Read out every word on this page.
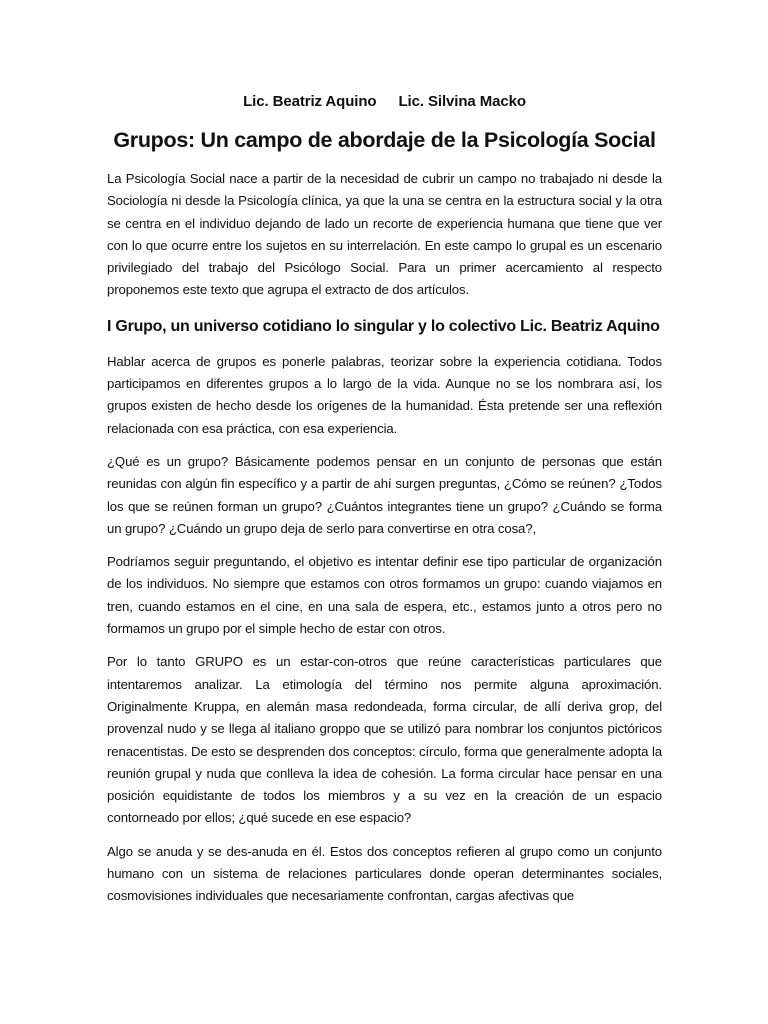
Lic. Beatriz Aquino Lic. Silvina Macko
Grupos: Un campo de abordaje de la Psicología Social

La Psicología Social nace a partir de la necesidad de cubrir un campo no trabajado ni desde la Sociología ni desde la Psicología clínica, ya que la una se centra en la estructura social y la otra se centra en el individuo dejando de lado un recorte de experiencia humana que tiene que ver con lo que ocurre entre los sujetos en su interrelación. En este campo lo grupal es un escenario privilegiado del trabajo del Psicólogo Social. Para un primer acercamiento al respecto proponemos este texto que agrupa el extracto de dos artículos.

I Grupo, un universo cotidiano lo singular y lo colectivo Lic. Beatriz Aquino

Hablar acerca de grupos es ponerle palabras, teorizar sobre la experiencia cotidiana. Todos participamos en diferentes grupos a lo largo de la vida. Aunque no se los nombrara así, los grupos existen de hecho desde los orígenes de la humanidad. Ésta pretende ser una reflexión relacionada con esa práctica, con esa experiencia.

¿Qué es un grupo? Básicamente podemos pensar en un conjunto de personas que están reunidas con algún fin específico y a partir de ahí surgen preguntas, ¿Cómo se reúnen? ¿Todos los que se reúnen forman un grupo? ¿Cuántos integrantes tiene un grupo? ¿Cuándo se forma un grupo? ¿Cuándo un grupo deja de serlo para convertirse en otra cosa?,

Podríamos seguir preguntando, el objetivo es intentar definir ese tipo particular de organización de los individuos. No siempre que estamos con otros formamos un grupo: cuando viajamos en tren, cuando estamos en el cine, en una sala de espera, etc., estamos junto a otros pero no formamos un grupo por el simple hecho de estar con otros.

Por lo tanto GRUPO es un estar-con-otros que reúne características particulares que intentaremos analizar. La etimología del término nos permite alguna aproximación. Originalmente Kruppa, en alemán masa redondeada, forma circular, de allí deriva grop, del provenzal nudo y se llega al italiano groppo que se utilizó para nombrar los conjuntos pictóricos renacentistas. De esto se desprenden dos conceptos: círculo, forma que generalmente adopta la reunión grupal y nuda que conlleva la idea de cohesión. La forma circular hace pensar en una posición equidistante de todos los miembros y a su vez en la creación de un espacio contorneado por ellos; ¿qué sucede en ese espacio?

Algo se anuda y se des-anuda en él. Estos dos conceptos refieren al grupo como un conjunto humano con un sistema de relaciones particulares donde operan determinantes sociales, cosmovisiones individuales que necesariamente confrontan, cargas afectivas que
